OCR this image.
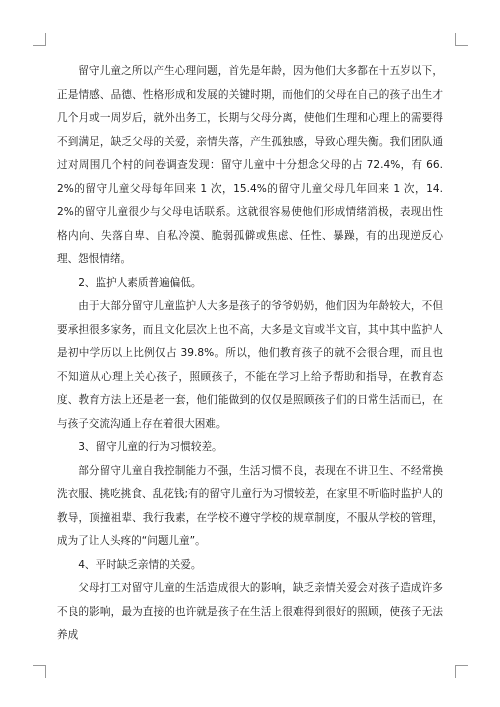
留守儿童之所以产生心理问题，首先是年龄，因为他们大多都在十五岁以下，正是情感、品德、性格形成和发展的关键时期，而他们的父母在自己的孩子出生才几个月或一周岁后，就外出务工，长期与父母分离，使他们生理和心理上的需要得不到满足，缺乏父母的关爱，亲情失落，产生孤独感，导致心理失衡。我们团队通过对周围几个村的问卷调查发现：留守儿童中十分想念父母的占 72.4%，有 66.2%的留守儿童父母每年回来 1 次，15.4%的留守儿童父母几年回来 1 次，14.2%的留守儿童很少与父母电话联系。这就很容易使他们形成情绪消极，表现出性格内向、失落自卑、自私冷漠、脆弱孤僻或焦虑、任性、暴躁，有的出现逆反心理、怨恨情绪。

2、监护人素质普遍偏低。

由于大部分留守儿童监护人大多是孩子的爷爷奶奶，他们因为年龄较大，不但要承担很多家务，而且文化层次上也不高，大多是文盲或半文盲，其中其中监护人是初中学历以上比例仅占 39.8%。所以，他们教育孩子的就不会很合理，而且也不知道从心理上关心孩子，照顾孩子，不能在学习上给予帮助和指导，在教育态度、教育方法上还是老一套，他们能做到的仅仅是照顾孩子们的日常生活而已，在与孩子交流沟通上存在着很大困难。

3、留守儿童的行为习惯较差。

部分留守儿童自我控制能力不强，生活习惯不良，表现在不讲卫生、不经常换洗衣服、挑吃挑食、乱花钱;有的留守儿童行为习惯较差，在家里不听临时监护人的教导，顶撞祖辈、我行我素，在学校不遵守学校的规章制度，不服从学校的管理，成为了让人头疼的“问题儿童”。

4、平时缺乏亲情的关爱。

父母打工对留守儿童的生活造成很大的影响，缺乏亲情关爱会对孩子造成许多不良的影响，最为直接的也许就是孩子在生活上很难得到很好的照顾，使孩子无法养成
